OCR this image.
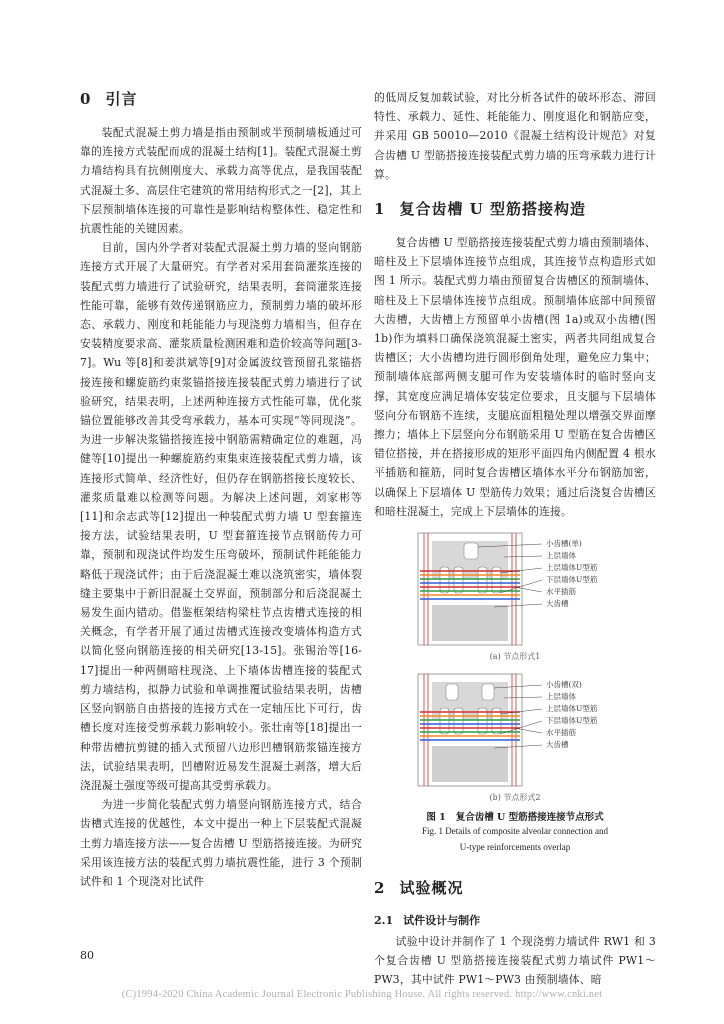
0 引言

装配式混凝土剪力墙是指由预制或半预制墙板通过可靠的连接方式装配而成的混凝土结构[1]。装配式混凝土剪力墙结构具有抗侧刚度大、承载力高等优点，是我国装配式混凝土多、高层住宅建筑的常用结构形式之一[2]，其上下层预制墙体连接的可靠性是影响结构整体性、稳定性和抗震性能的关键因素。

目前，国内外学者对装配式混凝土剪力墙的竖向钢筋连接方式开展了大量研究。有学者对采用套筒灌浆连接的装配式剪力墙进行了试验研究，结果表明，套筒灌浆连接性能可靠，能够有效传递钢筋应力，预制剪力墙的破坏形态、承载力、刚度和耗能能力与现浇剪力墙相当，但存在安装精度要求高、灌浆质量检测困难和造价较高等问题[3-7]。Wu 等[8]和姜洪斌等[9]对金属波纹管预留孔浆锚搭接连接和螺旋筋约束浆锚搭接连接装配式剪力墙进行了试验研究，结果表明，上述两种连接方式性能可靠，优化浆锚位置能够改善其受弯承载力，基本可实现“等同现浇”。为进一步解决浆锚搭接连接中钢筋需精确定位的难题，冯健等[10]提出一种螺旋筋约束集束连接装配式剪力墙，该连接形式简单、经济性好，但仍存在钢筋搭接长度较长、灌浆质量难以检测等问题。为解决上述问题，刘家彬等[11]和余志武等[12]提出一种装配式剪力墙 U 型套箍连接方法，试验结果表明，U 型套箍连接节点钢筋传力可靠，预制和现浇试件均发生压弯破坏，预制试件耗能能力略低于现浇试件；由于后浇混凝土难以浇筑密实，墙体裂缝主要集中于新旧混凝土交界面，预制部分和后浇混凝土易发生面内错动。借鉴框架结构梁柱节点齿槽式连接的相关概念，有学者开展了通过齿槽式连接改变墙体构造方式以简化竖向钢筋连接的相关研究[13-15]。张锡治等[16-17]提出一种两侧暗柱现浇、上下墙体齿槽连接的装配式剪力墙结构，拟静力试验和单调推覆试验结果表明，齿槽区竖向钢筋自由搭接的连接方式在一定轴压比下可行，齿槽长度对连接受剪承载力影响较小。张壮南等[18]提出一种带齿槽抗剪键的插入式预留八边形凹槽钢筋浆锚连接方法，试验结果表明，凹槽附近易发生混凝土剥落，增大后浇混凝土强度等级可提高其受剪承载力。

为进一步简化装配式剪力墙竖向钢筋连接方式，结合齿槽式连接的优越性，本文中提出一种上下层装配式混凝土剪力墙连接方法——复合齿槽 U 型筋搭接连接。为研究采用该连接方法的装配式剪力墙抗震性能，进行 3 个预制试件和 1 个现浇对比试件

的低周反复加载试验，对比分析各试件的破坏形态、滞回特性、承载力、延性、耗能能力、刚度退化和钢筋应变，并采用 GB 50010—2010《混凝土结构设计规范》对复合齿槽 U 型筋搭接连接装配式剪力墙的压弯承载力进行计算。

1 复合齿槽 U 型筋搭接构造

复合齿槽 U 型筋搭接连接装配式剪力墙由预制墙体、暗柱及上下层墙体连接节点组成，其连接节点构造形式如图 1 所示。装配式剪力墙由预留复合齿槽区的预制墙体、暗柱及上下层墙体连接节点组成。预制墙体底部中间预留大齿槽，大齿槽上方预留单小齿槽(图 1a)或双小齿槽(图 1b)作为填料口确保浇筑混凝土密实，两者共同组成复合齿槽区；大小齿槽均进行圆形倒角处理，避免应力集中；预制墙体底部两侧支腿可作为安装墙体时的临时竖向支撑，其宽度应满足墙体安装定位要求，且支腿与下层墙体竖向分布钢筋不连续，支腿底面粗糙处理以增强交界面摩擦力；墙体上下层竖向分布钢筋采用 U 型筋在复合齿槽区错位搭接，并在搭接形成的矩形平面四角内侧配置 4 根水平插筋和箍筋，同时复合齿槽区墙体水平分布钢筋加密，以确保上下层墙体 U 型筋传力效果；通过后浇复合齿槽区和暗柱混凝土，完成上下层墙体的连接。

小齿槽(单)
上层墙体
上层墙体U型筋
下层墙体U型筋
水平插筋
大齿槽
(a) 节点形式1
小齿槽(双)
上层墙体
上层墙体U型筋
下层墙体U型筋
水平插筋
大齿槽
(b) 节点形式2
图 1 复合齿槽 U 型筋搭接连接节点形式
Fig. 1 Details of composite alveolar connection and
U-type reinforcements overlap
2 试验概况
2.1 试件设计与制作

试验中设计并制作了 1 个现浇剪力墙试件 RW1 和 3 个复合齿槽 U 型筋搭接连接装配式剪力墙试件 PW1～PW3，其中试件 PW1～PW3 由预制墙体、暗

80
(C)1994-2020 China Academic Journal Electronic Publishing House. All rights reserved. http://www.cnki.net
